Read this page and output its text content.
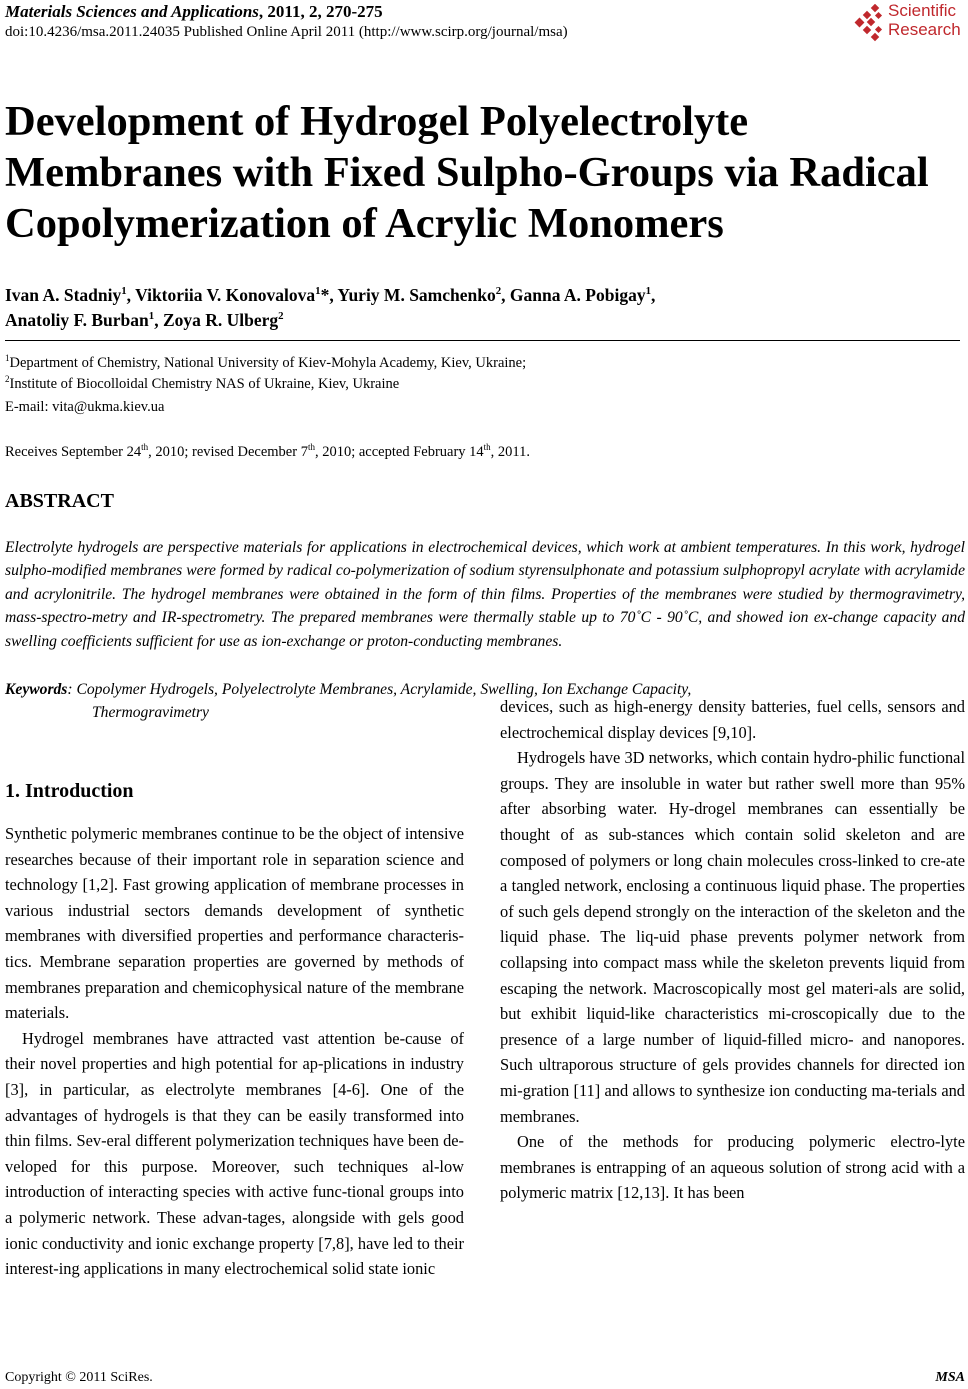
Materials Sciences and Applications, 2011, 2, 270-275
doi:10.4236/msa.2011.24035 Published Online April 2011 (http://www.scirp.org/journal/msa)
Scientific
Research
Development of Hydrogel Polyelectrolyte
Membranes with Fixed Sulpho-Groups via Radical
Copolymerization of Acrylic Monomers
Ivan A. Stadniy$^1$, Viktoriia V. Konovalova$^1$*, Yuriy M. Samchenko$^2$, Ganna A. Pobigay$^1$,
Anatoliy F. Burban$^1$, Zoya R. Ulberg$^2$
$^1$Department of Chemistry, National University of Kiev-Mohyla Academy, Kiev, Ukraine;
$^2$Institute of Biocolloidal Chemistry NAS of Ukraine, Kiev, Ukraine
E-mail: vita@ukma.kiev.ua
Receives September 24th, 2010; revised December 7th, 2010; accepted February 14th, 2011.
ABSTRACT

Electrolyte hydrogels are perspective materials for applications in electrochemical devices, which work at ambient temperatures. In this work, hydrogel sulpho-modified membranes were formed by radical co-polymerization of sodium styrensulphonate and potassium sulphopropyl acrylate with acrylamide and acrylonitrile. The hydrogel membranes were obtained in the form of thin films. Properties of the membranes were studied by thermogravimetry, mass-spectro-metry and IR-spectrometry. The prepared membranes were thermally stable up to 70˚C - 90˚C, and showed ion ex-change capacity and swelling coefficients sufficient for use as ion-exchange or proton-conducting membranes.

Keywords: Copolymer Hydrogels, Polyelectrolyte Membranes, Acrylamide, Swelling, Ion Exchange Capacity,
Thermogravimetry
1. Introduction

Synthetic polymeric membranes continue to be the object of intensive researches because of their important role in separation science and technology [1,2]. Fast growing application of membrane processes in various industrial sectors demands development of synthetic membranes with diversified properties and performance characteris-tics. Membrane separation properties are governed by methods of membranes preparation and chemicophysical nature of the membrane materials.

Hydrogel membranes have attracted vast attention be-cause of their novel properties and high potential for ap-plications in industry [3], in particular, as electrolyte membranes [4-6]. One of the advantages of hydrogels is that they can be easily transformed into thin films. Sev-eral different polymerization techniques have been de-veloped for this purpose. Moreover, such techniques al-low introduction of interacting species with active func-tional groups into a polymeric network. These advan-tages, alongside with gels good ionic conductivity and ionic exchange property [7,8], have led to their interest-ing applications in many electrochemical solid state ionic

devices, such as high-energy density batteries, fuel cells, sensors and electrochemical display devices [9,10].

Hydrogels have 3D networks, which contain hydro-philic functional groups. They are insoluble in water but rather swell more than 95% after absorbing water. Hy-drogel membranes can essentially be thought of as sub-stances which contain solid skeleton and are composed of polymers or long chain molecules cross-linked to cre-ate a tangled network, enclosing a continuous liquid phase. The properties of such gels depend strongly on the interaction of the skeleton and the liquid phase. The liq-uid phase prevents polymer network from collapsing into compact mass while the skeleton prevents liquid from escaping the network. Macroscopically most gel materi-als are solid, but exhibit liquid-like characteristics mi-croscopically due to the presence of a large number of liquid-filled micro- and nanopores. Such ultraporous structure of gels provides channels for directed ion mi-gration [11] and allows to synthesize ion conducting ma-terials and membranes.

One of the methods for producing polymeric electro-lyte membranes is entrapping of an aqueous solution of strong acid with a polymeric matrix [12,13]. It has been

Copyright © 2011 SciRes.	MSA
